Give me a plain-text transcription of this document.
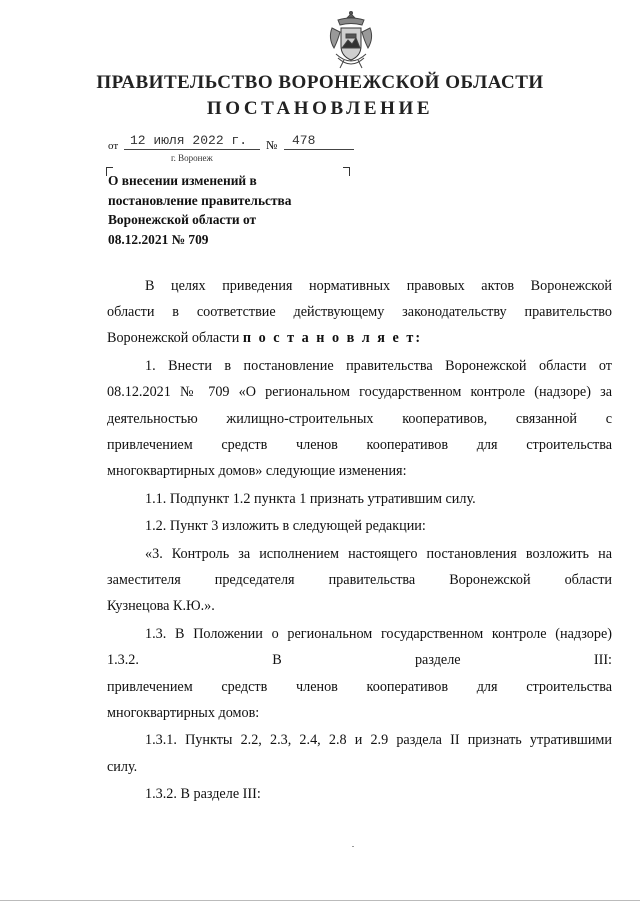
ПРАВИТЕЛЬСТВО ВОРОНЕЖСКОЙ ОБЛАСТИ
ПОСТАНОВЛЕНИЕ
от 12 июля 2022 г. № 478
г. Воронеж
О внесении изменений в
постановление правительства
Воронежской области от
08.12.2021 № 709

В целях приведения нормативных правовых актов Воронежской

области в соответствие действующему законодательству правительство

Воронежской области п о с т а н о в л я е т:

1. Внести в постановление правительства Воронежской области от

08.12.2021 № 709 «О региональном государственном контроле (надзоре) за

деятельностью жилищно-строительных кооперативов, связанной с

привлечением средств членов кооперативов для строительства

многоквартирных домов» следующие изменения:

1.1. Подпункт 1.2 пункта 1 признать утратившим силу.

1.2. Пункт 3 изложить в следующей редакции:

«3. Контроль за исполнением настоящего постановления возложить на

заместителя председателя правительства Воронежской области

Кузнецова К.Ю.».

1.3. В Положении о региональном государственном контроле (надзоре)

1.3.2. В разделе III:

привлечением средств членов кооперативов для строительства

многоквартирных домов:

1.3.1. Пункты 2.2, 2.3, 2.4, 2.8 и 2.9 раздела II признать утратившими

силу.

1.3.2. В разделе III:
